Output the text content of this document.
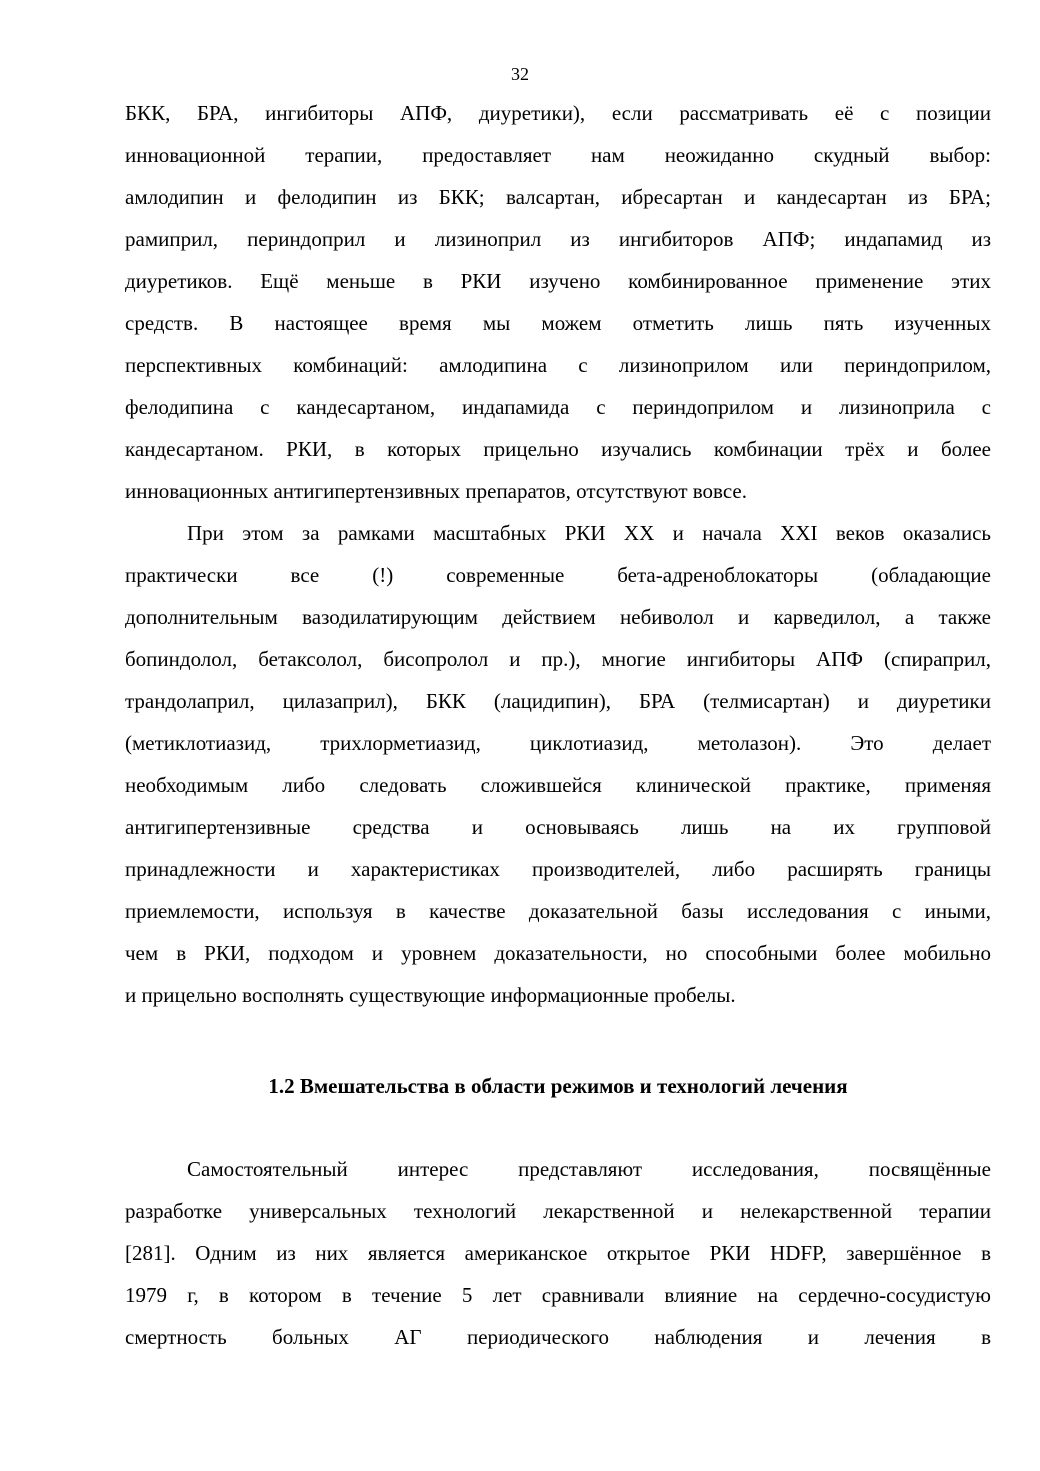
32
БКК, БРА, ингибиторы АПФ, диуретики), если рассматривать её с позиции
инновационной терапии, предоставляет нам неожиданно скудный выбор:
амлодипин и фелодипин из БКК; валсартан, ибресартан и кандесартан из БРА;
рамиприл, периндоприл и лизиноприл из ингибиторов АПФ; индапамид из
диуретиков. Ещё меньше в РКИ изучено комбинированное применение этих
средств. В настоящее время мы можем отметить лишь пять изученных
перспективных комбинаций: амлодипина с лизиноприлом или периндоприлом,
фелодипина с кандесартаном, индапамида с периндоприлом и лизиноприла с
кандесартаном. РКИ, в которых прицельно изучались комбинации трёх и более
инновационных антигипертензивных препаратов, отсутствуют вовсе.
При этом за рамками масштабных РКИ XX и начала XXI веков оказались
практически все (!) современные бета-адреноблокаторы (обладающие
дополнительным вазодилатирующим действием небиволол и карведилол, а также
бопиндолол, бетаксолол, бисопролол и пр.), многие ингибиторы АПФ (спираприл,
трандолаприл, цилазаприл), БКК (лацидипин), БРА (телмисартан) и диуретики
(метиклотиазид, трихлорметиазид, циклотиазид, метолазон). Это делает
необходимым либо следовать сложившейся клинической практике, применяя
антигипертензивные средства и основываясь лишь на их групповой
принадлежности и характеристиках производителей, либо расширять границы
приемлемости, используя в качестве доказательной базы исследования с иными,
чем в РКИ, подходом и уровнем доказательности, но способными более мобильно
и прицельно восполнять существующие информационные пробелы.
1.2 Вмешательства в области режимов и технологий лечения
Самостоятельный интерес представляют исследования, посвящённые
разработке универсальных технологий лекарственной и нелекарственной терапии
[281]. Одним из них является американское открытое РКИ HDFP, завершённое в
1979 г, в котором в течение 5 лет сравнивали влияние на сердечно-сосудистую
смертность больных АГ периодического наблюдения и лечения в
